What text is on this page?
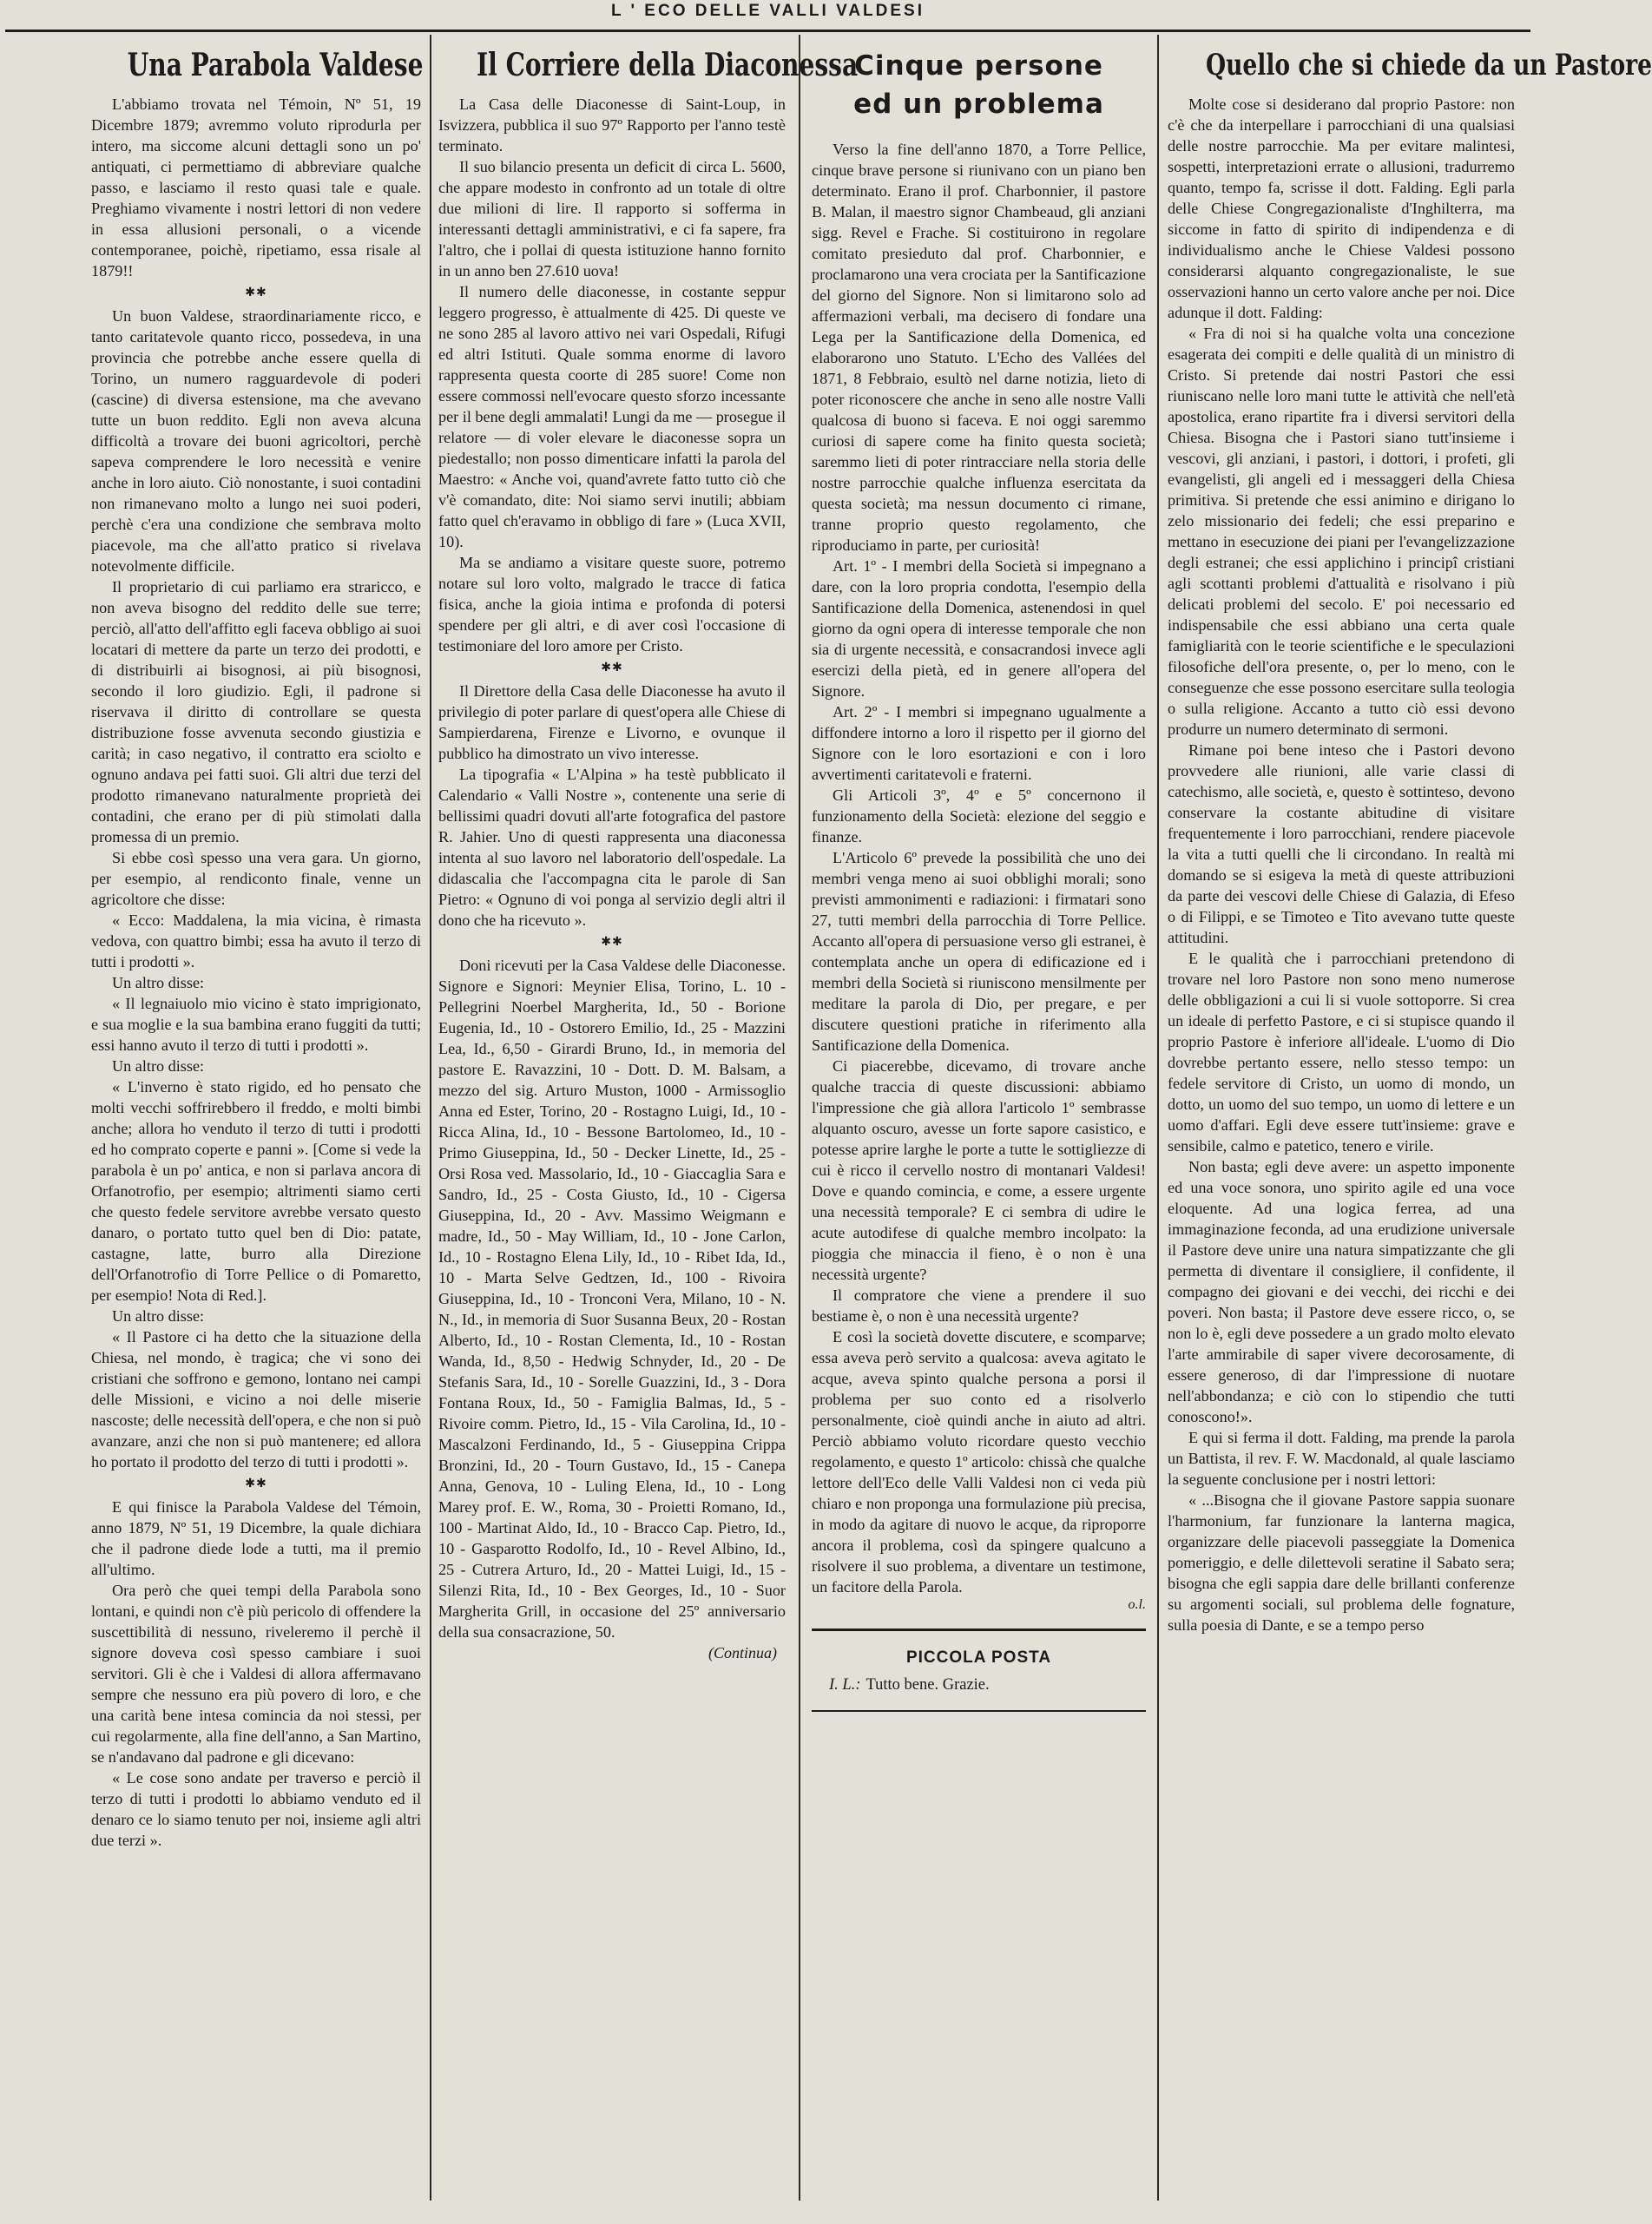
L ' ECO DELLE VALLI VALDESI
Una Parabola Valdese

L'abbiamo trovata nel Témoin, Nº 51, 19 Dicembre 1879; avremmo voluto riprodurla per intero, ma siccome alcuni dettagli sono un po' antiquati, ci permettiamo di abbreviare qualche passo, e lasciamo il resto quasi tale e quale. Preghiamo vivamente i nostri lettori di non vedere in essa allusioni personali, o a vicende contemporanee, poichè, ripetiamo, essa risale al 1879!!

✱✱

Un buon Valdese, straordinariamente ricco, e tanto caritatevole quanto ricco, possedeva, in una provincia che potrebbe anche essere quella di Torino, un numero ragguardevole di poderi (cascine) di diversa estensione, ma che avevano tutte un buon reddito. Egli non aveva alcuna difficoltà a trovare dei buoni agricoltori, perchè sapeva comprendere le loro necessità e venire anche in loro aiuto. Ciò nonostante, i suoi contadini non rimanevano molto a lungo nei suoi poderi, perchè c'era una condizione che sembrava molto piacevole, ma che all'atto pratico si rivelava notevolmente difficile.

Il proprietario di cui parliamo era straricco, e non aveva bisogno del reddito delle sue terre; perciò, all'atto dell'affitto egli faceva obbligo ai suoi locatari di mettere da parte un terzo dei prodotti, e di distribuirli ai bisognosi, ai più bisognosi, secondo il loro giudizio. Egli, il padrone si riservava il diritto di controllare se questa distribuzione fosse avvenuta secondo giustizia e carità; in caso negativo, il contratto era sciolto e ognuno andava pei fatti suoi. Gli altri due terzi del prodotto rimanevano naturalmente proprietà dei contadini, che erano per di più stimolati dalla promessa di un premio.

Si ebbe così spesso una vera gara. Un giorno, per esempio, al rendiconto finale, venne un agricoltore che disse:

« Ecco: Maddalena, la mia vicina, è rimasta vedova, con quattro bimbi; essa ha avuto il terzo di tutti i prodotti ».

Un altro disse:

« Il legnaiuolo mio vicino è stato imprigionato, e sua moglie e la sua bambina erano fuggiti da tutti; essi hanno avuto il terzo di tutti i prodotti ».

Un altro disse:

« L'inverno è stato rigido, ed ho pensato che molti vecchi soffrirebbero il freddo, e molti bimbi anche; allora ho venduto il terzo di tutti i prodotti ed ho comprato coperte e panni ». [Come si vede la parabola è un po' antica, e non si parlava ancora di Orfanotrofio, per esempio; altrimenti siamo certi che questo fedele servitore avrebbe versato questo danaro, o portato tutto quel ben di Dio: patate, castagne, latte, burro alla Direzione dell'Orfanotrofio di Torre Pellice o di Pomaretto, per esempio! Nota di Red.].

Un altro disse:

« Il Pastore ci ha detto che la situazione della Chiesa, nel mondo, è tragica; che vi sono dei cristiani che soffrono e gemono, lontano nei campi delle Missioni, e vicino a noi delle miserie nascoste; delle necessità dell'opera, e che non si può avanzare, anzi che non si può mantenere; ed allora ho portato il prodotto del terzo di tutti i prodotti ».

✱✱

E qui finisce la Parabola Valdese del Témoin, anno 1879, Nº 51, 19 Dicembre, la quale dichiara che il padrone diede lode a tutti, ma il premio all'ultimo.

Ora però che quei tempi della Parabola sono lontani, e quindi non c'è più pericolo di offendere la suscettibilità di nessuno, riveleremo il perchè il signore doveva così spesso cambiare i suoi servitori. Gli è che i Valdesi di allora affermavano sempre che nessuno era più povero di loro, e che una carità bene intesa comincia da noi stessi, per cui regolarmente, alla fine dell'anno, a San Martino, se n'andavano dal padrone e gli dicevano:

« Le cose sono andate per traverso e perciò il terzo di tutti i prodotti lo abbiamo venduto ed il denaro ce lo siamo tenuto per noi, insieme agli altri due terzi ».

Il Corriere della Diaconessa

La Casa delle Diaconesse di Saint-Loup, in Isvizzera, pubblica il suo 97º Rapporto per l'anno testè terminato.

Il suo bilancio presenta un deficit di circa L. 5600, che appare modesto in confronto ad un totale di oltre due milioni di lire. Il rapporto si sofferma in interessanti dettagli amministrativi, e ci fa sapere, fra l'altro, che i pollai di questa istituzione hanno fornito in un anno ben 27.610 uova!

Il numero delle diaconesse, in costante seppur leggero progresso, è attualmente di 425. Di queste ve ne sono 285 al lavoro attivo nei vari Ospedali, Rifugi ed altri Istituti. Quale somma enorme di lavoro rappresenta questa coorte di 285 suore! Come non essere commossi nell'evocare questo sforzo incessante per il bene degli ammalati! Lungi da me — prosegue il relatore — di voler elevare le diaconesse sopra un piedestallo; non posso dimenticare infatti la parola del Maestro: « Anche voi, quand'avrete fatto tutto ciò che v'è comandato, dite: Noi siamo servi inutili; abbiam fatto quel ch'eravamo in obbligo di fare » (Luca XVII, 10).

Ma se andiamo a visitare queste suore, potremo notare sul loro volto, malgrado le tracce di fatica fisica, anche la gioia intima e profonda di potersi spendere per gli altri, e di aver così l'occasione di testimoniare del loro amore per Cristo.

✱✱

Il Direttore della Casa delle Diaconesse ha avuto il privilegio di poter parlare di quest'opera alle Chiese di Sampierdarena, Firenze e Livorno, e ovunque il pubblico ha dimostrato un vivo interesse.

La tipografia « L'Alpina » ha testè pubblicato il Calendario « Valli Nostre », contenente una serie di bellissimi quadri dovuti all'arte fotografica del pastore R. Jahier. Uno di questi rappresenta una diaconessa intenta al suo lavoro nel laboratorio dell'ospedale. La didascalia che l'accompagna cita le parole di San Pietro: « Ognuno di voi ponga al servizio degli altri il dono che ha ricevuto ».

✱✱

Doni ricevuti per la Casa Valdese delle Diaconesse. Signore e Signori: Meynier Elisa, Torino, L. 10 - Pellegrini Noerbel Margherita, Id., 50 - Borione Eugenia, Id., 10 - Ostorero Emilio, Id., 25 - Mazzini Lea, Id., 6,50 - Girardi Bruno, Id., in memoria del pastore E. Ravazzini, 10 - Dott. D. M. Balsam, a mezzo del sig. Arturo Muston, 1000 - Armissoglio Anna ed Ester, Torino, 20 - Rostagno Luigi, Id., 10 - Ricca Alina, Id., 10 - Bessone Bartolomeo, Id., 10 - Primo Giuseppina, Id., 50 - Decker Linette, Id., 25 - Orsi Rosa ved. Massolario, Id., 10 - Giaccaglia Sara e Sandro, Id., 25 - Costa Giusto, Id., 10 - Cigersa Giuseppina, Id., 20 - Avv. Massimo Weigmann e madre, Id., 50 - May William, Id., 10 - Jone Carlon, Id., 10 - Rostagno Elena Lily, Id., 10 - Ribet Ida, Id., 10 - Marta Selve Gedtzen, Id., 100 - Rivoira Giuseppina, Id., 10 - Tronconi Vera, Milano, 10 - N. N., Id., in memoria di Suor Susanna Beux, 20 - Rostan Alberto, Id., 10 - Rostan Clementa, Id., 10 - Rostan Wanda, Id., 8,50 - Hedwig Schnyder, Id., 20 - De Stefanis Sara, Id., 10 - Sorelle Guazzini, Id., 3 - Dora Fontana Roux, Id., 50 - Famiglia Balmas, Id., 5 - Rivoire comm. Pietro, Id., 15 - Vila Carolina, Id., 10 - Mascalzoni Ferdinando, Id., 5 - Giuseppina Crippa Bronzini, Id., 20 - Tourn Gustavo, Id., 15 - Canepa Anna, Genova, 10 - Luling Elena, Id., 10 - Long Marey prof. E. W., Roma, 30 - Proietti Romano, Id., 100 - Martinat Aldo, Id., 10 - Bracco Cap. Pietro, Id., 10 - Gasparotto Rodolfo, Id., 10 - Revel Albino, Id., 25 - Cutrera Arturo, Id., 20 - Mattei Luigi, Id., 15 - Silenzi Rita, Id., 10 - Bex Georges, Id., 10 - Suor Margherita Grill, in occasione del 25º anniversario della sua consacrazione, 50.

(Continua)
Cinque persone
ed un problema

Verso la fine dell'anno 1870, a Torre Pellice, cinque brave persone si riunivano con un piano ben determinato. Erano il prof. Charbonnier, il pastore B. Malan, il maestro signor Chambeaud, gli anziani sigg. Revel e Frache. Si costituirono in regolare comitato presieduto dal prof. Charbonnier, e proclamarono una vera crociata per la Santificazione del giorno del Signore. Non si limitarono solo ad affermazioni verbali, ma decisero di fondare una Lega per la Santificazione della Domenica, ed elaborarono uno Statuto. L'Echo des Vallées del 1871, 8 Febbraio, esultò nel darne notizia, lieto di poter riconoscere che anche in seno alle nostre Valli qualcosa di buono si faceva. E noi oggi saremmo curiosi di sapere come ha finito questa società; saremmo lieti di poter rintracciare nella storia delle nostre parrocchie qualche influenza esercitata da questa società; ma nessun documento ci rimane, tranne proprio questo regolamento, che riproduciamo in parte, per curiosità!

Art. 1º - I membri della Società si impegnano a dare, con la loro propria condotta, l'esempio della Santificazione della Domenica, astenendosi in quel giorno da ogni opera di interesse temporale che non sia di urgente necessità, e consacrandosi invece agli esercizi della pietà, ed in genere all'opera del Signore.

Art. 2º - I membri si impegnano ugualmente a diffondere intorno a loro il rispetto per il giorno del Signore con le loro esortazioni e con i loro avvertimenti caritatevoli e fraterni.

Gli Articoli 3º, 4º e 5º concernono il funzionamento della Società: elezione del seggio e finanze.

L'Articolo 6º prevede la possibilità che uno dei membri venga meno ai suoi obblighi morali; sono previsti ammonimenti e radiazioni: i firmatari sono 27, tutti membri della parrocchia di Torre Pellice. Accanto all'opera di persuasione verso gli estranei, è contemplata anche un opera di edificazione ed i membri della Società si riuniscono mensilmente per meditare la parola di Dio, per pregare, e per discutere questioni pratiche in riferimento alla Santificazione della Domenica.

Ci piacerebbe, dicevamo, di trovare anche qualche traccia di queste discussioni: abbiamo l'impressione che già allora l'articolo 1º sembrasse alquanto oscuro, avesse un forte sapore casistico, e potesse aprire larghe le porte a tutte le sottigliezze di cui è ricco il cervello nostro di montanari Valdesi! Dove e quando comincia, e come, a essere urgente una necessità temporale? E ci sembra di udire le acute autodifese di qualche membro incolpato: la pioggia che minaccia il fieno, è o non è una necessità urgente?

Il compratore che viene a prendere il suo bestiame è, o non è una necessità urgente?

E così la società dovette discutere, e scomparve; essa avevа però servito a qualcosa: aveva agitato le acque, aveva spinto qualche persona a porsi il problema per suo conto ed a risolverlo personalmente, cioè quindi anche in aiuto ad altri. Perciò abbiamo voluto ricordare questo vecchio regolamento, e questo 1º articolo: chissà che qualche lettore dell'Eco delle Valli Valdesi non ci veda più chiaro e non proponga una formulazione più precisa, in modo da agitare di nuovo le acque, da riproporre ancora il problema, così da spingere qualcuno a risolvere il suo problema, a diventare un testimone, un facitore della Parola.

o.l.
PICCOLA POSTA

I. L.: Tutto bene. Grazie.

Quello che si chiede da un Pastore

Molte cose si desiderano dal proprio Pastore: non c'è che da interpellare i parrocchiani di una qualsiasi delle nostre parrocchie. Ma per evitare malintesi, sospetti, interpretazioni errate o allusioni, tradurremo quanto, tempo fa, scrisse il dott. Falding. Egli parla delle Chiese Congregazionaliste d'Inghilterra, ma siccome in fatto di spirito di indipendenza e di individualismo anche le Chiese Valdesi possono considerarsi alquanto congregazionaliste, le sue osservazioni hanno un certo valore anche per noi. Dice adunque il dott. Falding:

« Fra di noi si ha qualche volta una concezione esagerata dei compiti e delle qualità di un ministro di Cristo. Si pretende dai nostri Pastori che essi riuniscano nelle loro mani tutte le attività che nell'età apostolica, erano ripartite fra i diversi servitori della Chiesa. Bisogna che i Pastori siano tutt'insieme i vescovi, gli anziani, i pastori, i dottori, i profeti, gli evangelisti, gli angeli ed i messaggeri della Chiesa primitiva. Si pretende che essi animino e dirigano lo zelo missionario dei fedeli; che essi preparino e mettano in esecuzione dei piani per l'evangelizzazione degli estranei; che essi applichino i principî cristiani agli scottanti problemi d'attualità e risolvano i più delicati problemi del secolo. E' poi necessario ed indispensabile che essi abbiano una certa quale famigliarità con le teorie scientifiche e le speculazioni filosofiche dell'ora presente, o, per lo meno, con le conseguenze che esse possono esercitare sulla teologia o sulla religione. Accanto a tutto ciò essi devono produrre un numero determinato di sermoni.

Rimane poi bene inteso che i Pastori devono provvedere alle riunioni, alle varie classi di catechismo, alle società, e, questo è sottinteso, devono conservare la costante abitudine di visitare frequentemente i loro parrocchiani, rendere piacevole la vita a tutti quelli che li circondano. In realtà mi domando se si esigeva la metà di queste attribuzioni da parte dei vescovi delle Chiese di Galazia, di Efeso o di Filippi, e se Timoteo e Tito avevano tutte queste attitudini.

E le qualità che i parrocchiani pretendono di trovare nel loro Pastore non sono meno numerose delle obbligazioni a cui li si vuole sottoporre. Si crea un ideale di perfetto Pastore, e ci si stupisce quando il proprio Pastore è inferiore all'ideale. L'uomo di Dio dovrebbe pertanto essere, nello stesso tempo: un fedele servitore di Cristo, un uomo di mondo, un dotto, un uomo del suo tempo, un uomo di lettere e un uomo d'affari. Egli deve essere tutt'insieme: grave e sensibile, calmo e patetico, tenero e virile.

Non basta; egli deve avere: un aspetto imponente ed una voce sonora, uno spirito agile ed una voce eloquente. Ad una logica ferrea, ad una immaginazione feconda, ad una erudizione universale il Pastore deve unire una natura simpatizzante che gli permetta di diventare il consigliere, il confidente, il compagno dei giovani e dei vecchi, dei ricchi e dei poveri. Non basta; il Pastore deve essere ricco, o, se non lo è, egli deve possedere a un grado molto elevato l'arte ammirabile di saper vivere decorosamente, di essere generoso, di dar l'impressione di nuotare nell'abbondanza; e ciò con lo stipendio che tutti conoscono!».

E qui si ferma il dott. Falding, ma prende la parola un Battista, il rev. F. W. Macdonald, al quale lasciamo la seguente conclusione per i nostri lettori:

« ...Bisogna che il giovane Pastore sappia suonare l'harmonium, far funzionare la lanterna magica, organizzare delle piacevoli passeggiate la Domenica pomeriggio, e delle dilettevoli seratine il Sabato sera; bisogna che egli sappia dare delle brillanti conferenze su argomenti sociali, sul problema delle fognature, sulla poesia di Dante, e se a tempo perso
